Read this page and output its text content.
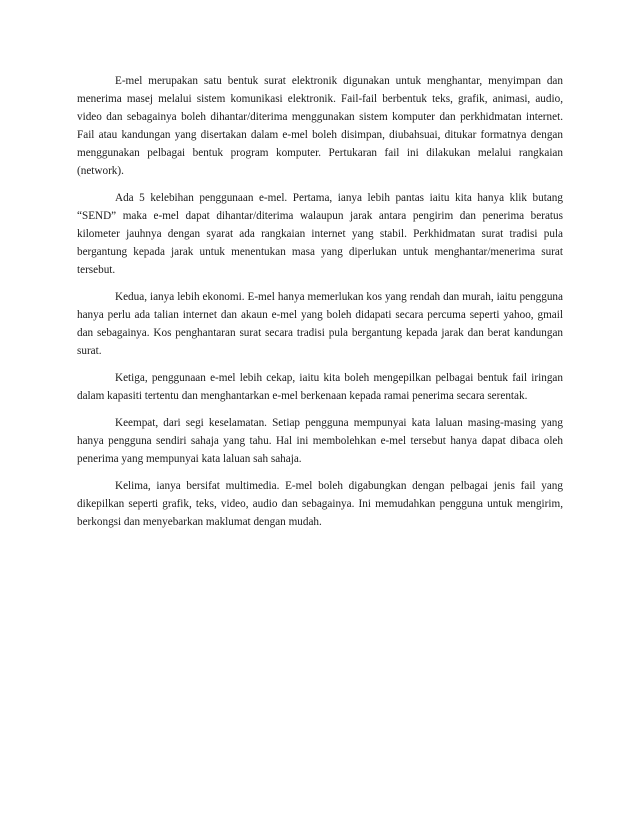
E-mel merupakan satu bentuk surat elektronik digunakan untuk menghantar, menyimpan dan menerima masej melalui sistem komunikasi elektronik. Fail-fail berbentuk teks, grafik, animasi, audio, video dan sebagainya boleh dihantar/diterima menggunakan sistem komputer dan perkhidmatan internet. Fail atau kandungan yang disertakan dalam e-mel boleh disimpan, diubahsuai, ditukar formatnya dengan menggunakan pelbagai bentuk program komputer. Pertukaran fail ini dilakukan melalui rangkaian (network).

Ada 5 kelebihan penggunaan e-mel. Pertama, ianya lebih pantas iaitu kita hanya klik butang “SEND” maka e-mel dapat dihantar/diterima walaupun jarak antara pengirim dan penerima beratus kilometer jauhnya dengan syarat ada rangkaian internet yang stabil. Perkhidmatan surat tradisi pula bergantung kepada jarak untuk menentukan masa yang diperlukan untuk menghantar/menerima surat tersebut.

Kedua, ianya lebih ekonomi. E-mel hanya memerlukan kos yang rendah dan murah, iaitu pengguna hanya perlu ada talian internet dan akaun e-mel yang boleh didapati secara percuma seperti yahoo, gmail dan sebagainya. Kos penghantaran surat secara tradisi pula bergantung kepada jarak dan berat kandungan surat.

Ketiga, penggunaan e-mel lebih cekap, iaitu kita boleh mengepilkan pelbagai bentuk fail iringan dalam kapasiti tertentu dan menghantarkan e-mel berkenaan kepada ramai penerima secara serentak.

Keempat, dari segi keselamatan. Setiap pengguna mempunyai kata laluan masing-masing yang hanya pengguna sendiri sahaja yang tahu. Hal ini membolehkan e-mel tersebut hanya dapat dibaca oleh penerima yang mempunyai kata laluan sah sahaja.

Kelima, ianya bersifat multimedia. E-mel boleh digabungkan dengan pelbagai jenis fail yang dikepilkan seperti grafik, teks, video, audio dan sebagainya. Ini memudahkan pengguna untuk mengirim, berkongsi dan menyebarkan maklumat dengan mudah.
